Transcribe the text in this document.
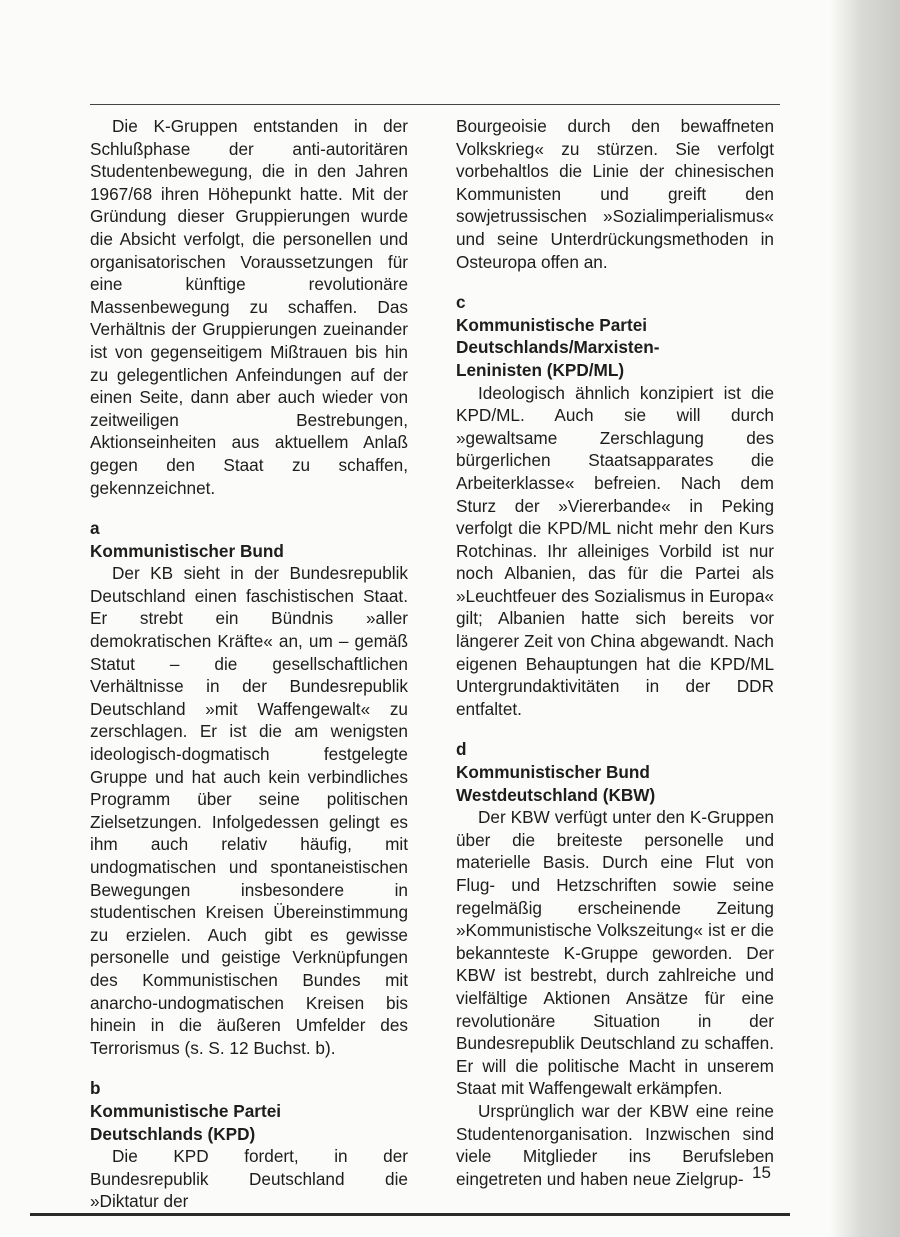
Die K-Gruppen entstanden in der Schlußphase der anti-autoritären Studentenbewegung, die in den Jahren 1967/68 ihren Höhepunkt hatte. Mit der Gründung dieser Gruppierungen wurde die Absicht verfolgt, die personellen und organisatorischen Voraussetzungen für eine künftige revolutionäre Massenbewegung zu schaffen. Das Verhältnis der Gruppierungen zueinander ist von gegenseitigem Mißtrauen bis hin zu gelegentlichen Anfeindungen auf der einen Seite, dann aber auch wieder von zeitweiligen Bestrebungen, Aktionseinheiten aus aktuellem Anlaß gegen den Staat zu schaffen, gekennzeichnet.

a
Kommunistischer Bund

Der KB sieht in der Bundesrepublik Deutschland einen faschistischen Staat. Er strebt ein Bündnis »aller demokratischen Kräfte« an, um – gemäß Statut – die gesellschaftlichen Verhältnisse in der Bundesrepublik Deutschland »mit Waffengewalt« zu zerschlagen. Er ist die am wenigsten ideologisch-dogmatisch festgelegte Gruppe und hat auch kein verbindliches Programm über seine politischen Zielsetzungen. Infolgedessen gelingt es ihm auch relativ häufig, mit undogmatischen und spontaneistischen Bewegungen insbesondere in studentischen Kreisen Übereinstimmung zu erzielen. Auch gibt es gewisse personelle und geistige Verknüpfungen des Kommunistischen Bundes mit anarcho-undogmatischen Kreisen bis hinein in die äußeren Umfelder des Terrorismus (s. S. 12 Buchst. b).

b
Kommunistische Partei
Deutschlands (KPD)

Die KPD fordert, in der Bundesrepublik Deutschland die »Diktatur der

Bourgeoisie durch den bewaffneten Volkskrieg« zu stürzen. Sie verfolgt vorbehaltlos die Linie der chinesischen Kommunisten und greift den sowjetrussischen »Sozialimperialismus« und seine Unterdrückungsmethoden in Osteuropa offen an.

c
Kommunistische Partei
Deutschlands/Marxisten-
Leninisten (KPD/ML)

Ideologisch ähnlich konzipiert ist die KPD/ML. Auch sie will durch »gewaltsame Zerschlagung des bürgerlichen Staatsapparates die Arbeiterklasse« befreien. Nach dem Sturz der »Viererbande« in Peking verfolgt die KPD/ML nicht mehr den Kurs Rotchinas. Ihr alleiniges Vorbild ist nur noch Albanien, das für die Partei als »Leuchtfeuer des Sozialismus in Europa« gilt; Albanien hatte sich bereits vor längerer Zeit von China abgewandt. Nach eigenen Behauptungen hat die KPD/ML Untergrundaktivitäten in der DDR entfaltet.

d
Kommunistischer Bund
Westdeutschland (KBW)

Der KBW verfügt unter den K-Gruppen über die breiteste personelle und materielle Basis. Durch eine Flut von Flug- und Hetzschriften sowie seine regelmäßig erscheinende Zeitung »Kommunistische Volkszeitung« ist er die bekannteste K-Gruppe geworden. Der KBW ist bestrebt, durch zahlreiche und vielfältige Aktionen Ansätze für eine revolutionäre Situation in der Bundesrepublik Deutschland zu schaffen. Er will die politische Macht in unserem Staat mit Waffengewalt erkämpfen.

Ursprünglich war der KBW eine reine Studentenorganisation. Inzwischen sind viele Mitglieder ins Berufsleben eingetreten und haben neue Zielgrup- 15
